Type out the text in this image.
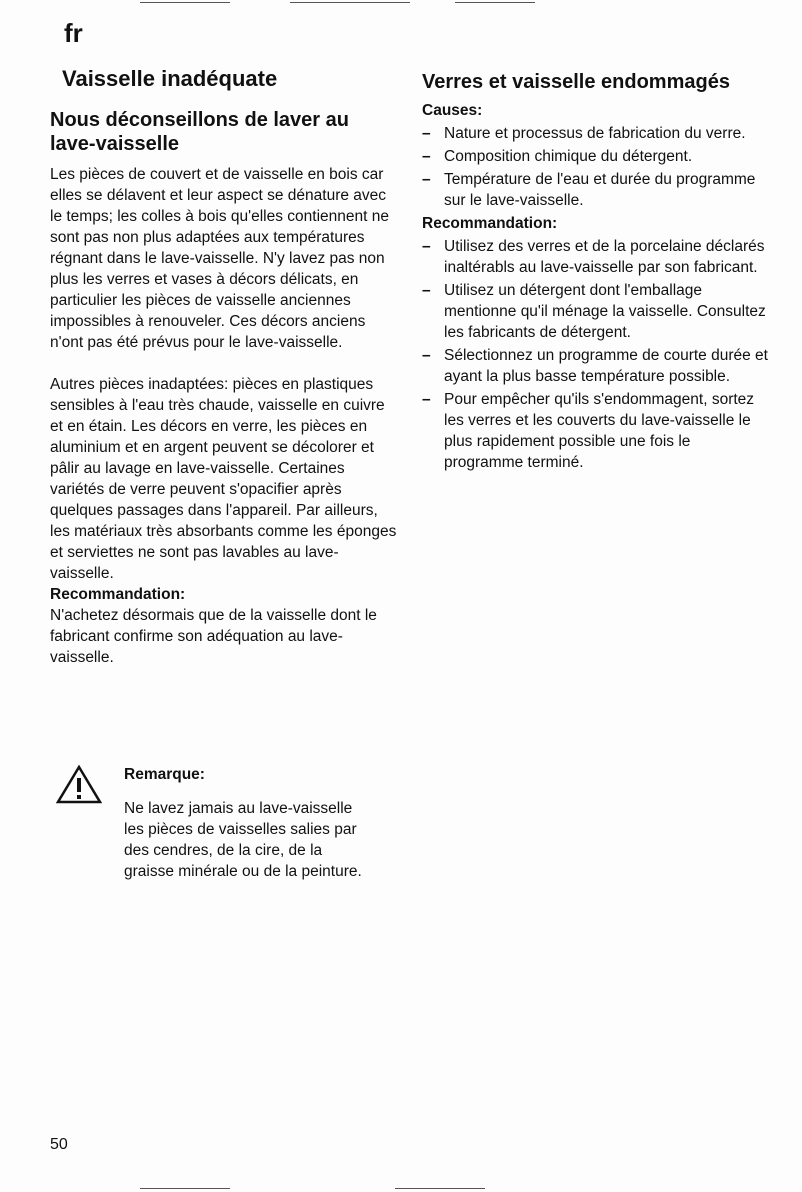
fr
Vaisselle inadéquate
Nous déconseillons de laver au lave-vaisselle

Les pièces de couvert et de vaisselle en bois car elles se délavent et leur aspect se dénature avec le temps; les colles à bois qu'elles contiennent ne sont pas non plus adaptées aux températures régnant dans le lave-vaisselle. N'y lavez pas non plus les verres et vases à décors délicats, en particulier les pièces de vaisselle anciennes impossibles à renouveler. Ces décors anciens n'ont pas été prévus pour le lave-vaisselle.

Autres pièces inadaptées: pièces en plastiques sensibles à l'eau très chaude, vaisselle en cuivre et en étain. Les décors en verre, les pièces en aluminium et en argent peuvent se décolorer et pâlir au lavage en lave-vaisselle. Certaines variétés de verre peuvent s'opacifier après quelques passages dans l'appareil. Par ailleurs, les matériaux très absorbants comme les éponges et serviettes ne sont pas lavables au lave-vaisselle.

Recommandation:

N'achetez désormais que de la vaisselle dont le fabricant confirme son adéquation au lave-vaisselle.

Remarque:

Ne lavez jamais au lave-vaisselle les pièces de vaisselles salies par des cendres, de la cire, de la graisse minérale ou de la peinture.

Verres et vaisselle endommagés

Causes:

– Nature et processus de fabrication du verre.
– Composition chimique du détergent.
– Température de l'eau et durée du programme sur le lave-vaisselle.

Recommandation:

– Utilisez des verres et de la porcelaine déclarés inaltérabls au lave-vaisselle par son fabricant.
– Utilisez un détergent dont l'emballage mentionne qu'il ménage la vaisselle. Consultez les fabricants de détergent.
– Sélectionnez un programme de courte durée et ayant la plus basse température possible.
– Pour empêcher qu'ils s'endommagent, sortez les verres et les couverts du lave-vaisselle le plus rapidement possible une fois le programme terminé.
50
